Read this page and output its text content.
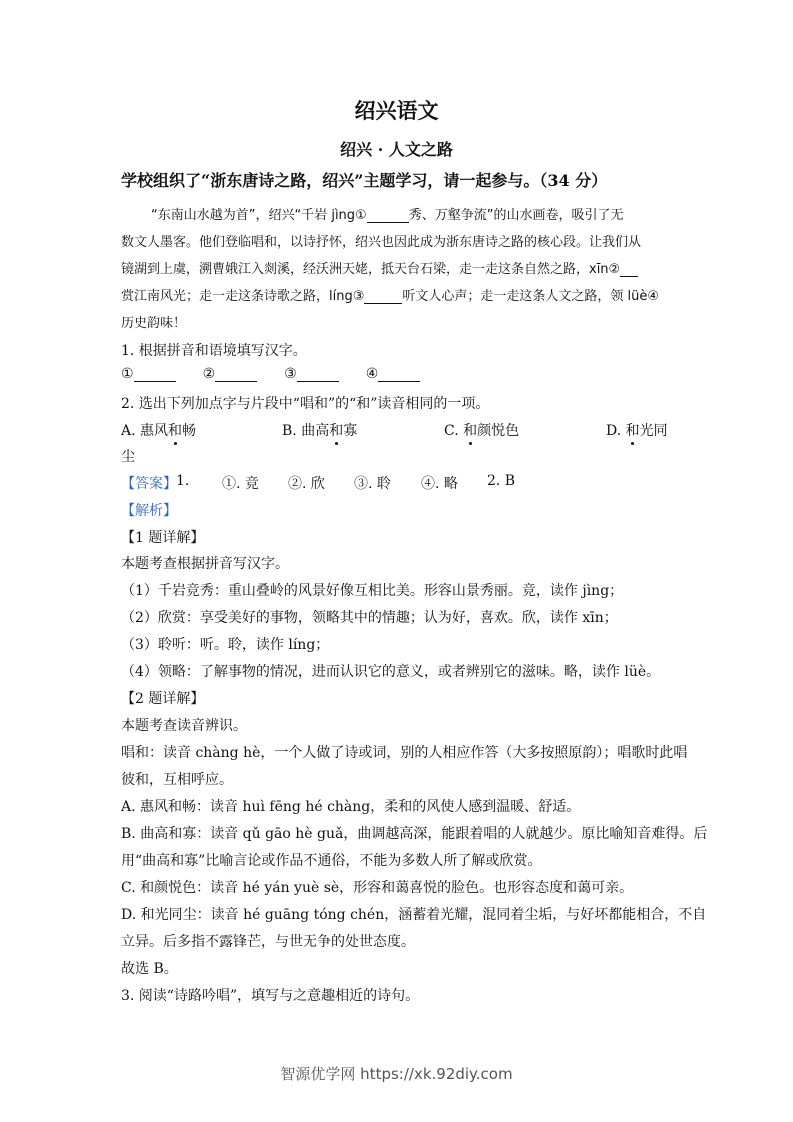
绍兴语文
绍兴 · 人文之路
学校组织了“浙东唐诗之路，绍兴”主题学习，请一起参与。（34 分）
“东南山水越为首”，绍兴“千岩 jìng①	秀、万壑争流”的山水画卷，吸引了无
数文人墨客。他们登临唱和，以诗抒怀，绍兴也因此成为浙东唐诗之路的核心段。让我们从
镜湖到上虞，溯曹娥江入剡溪，经沃洲天姥，抵天台石梁，走一走这条自然之路，xīn②
赏江南风光；走一走这条诗歌之路，líng③	听文人心声；走一走这条人文之路，领 lüè④
历史韵味！
1. 根据拼音和语境填写汉字。
①	②	③	④
2. 选出下列加点字与片段中“唱和”的“和”读音相同的一项。
A. 惠风和畅	B. 曲高和寡	C. 和颜悦色	D. 和光同
尘
【答案】 1. ①. 竞 ②. 欣 ③. 聆 ④. 略 2. B
【解析】
【1 题详解】
本题考查根据拼音写汉字。
（1）千岩竞秀：重山叠岭的风景好像互相比美。形容山景秀丽。竞，读作 jìng；
（2）欣赏：享受美好的事物，领略其中的情趣；认为好，喜欢。欣，读作 xīn；
（3）聆听：听。聆，读作 líng；
（4）领略：了解事物的情况，进而认识它的意义，或者辨别它的滋味。略，读作 lüè。
【2 题详解】
本题考查读音辨识。
唱和：读音 chàng hè，一个人做了诗或词，别的人相应作答（大多按照原韵）；唱歌时此唱
彼和，互相呼应。
A. 惠风和畅：读音 huì fēng hé chàng，柔和的风使人感到温暖、舒适。
B. 曲高和寡：读音 qǔ gāo hè guǎ，曲调越高深，能跟着唱的人就越少。原比喻知音难得。后
用“曲高和寡”比喻言论或作品不通俗，不能为多数人所了解或欣赏。
C. 和颜悦色：读音 hé yán yuè sè，形容和蔼喜悦的脸色。也形容态度和蔼可亲。
D. 和光同尘：读音 hé guāng tóng chén，涵蓄着光耀，混同着尘垢，与好坏都能相合，不自
立异。后多指不露锋芒，与世无争的处世态度。
故选 B。
3. 阅读“诗路吟唱”，填写与之意趣相近的诗句。
智源优学网 https://xk.92diy.com
